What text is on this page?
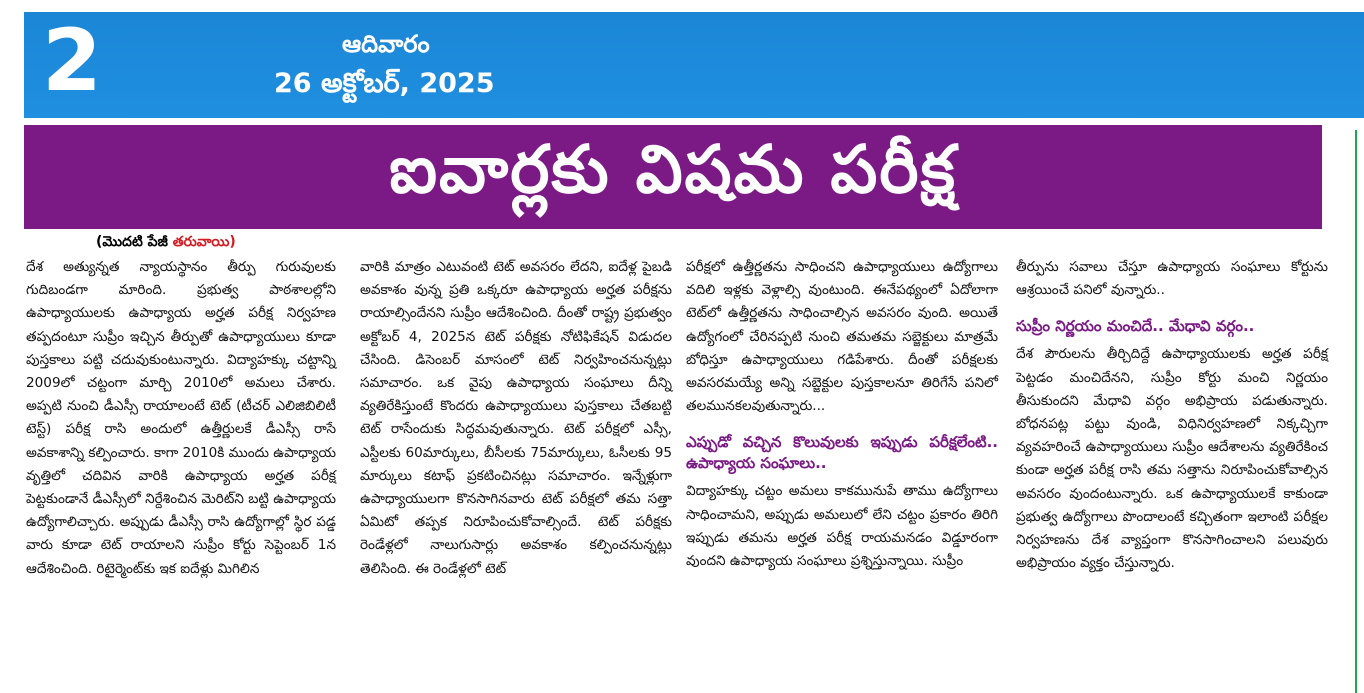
2	ఆదివారం
26 అక్టోబర్, 2025
ఐవార్లకు విషమ పరీక్ష
(మొదటి పేజీ తరువాయి)

దేశ అత్యున్నత న్యాయస్థానం తీర్పు గురువులకు గుదిబండగా మారింది. ప్రభుత్వ పాఠశాలల్లోని ఉపాధ్యాయులకు ఉపాధ్యాయ అర్హత పరీక్ష నిర్వహణ తప్పదంటూ సుప్రీం ఇచ్చిన తీర్పుతో ఉపాధ్యాయులు కూడా పుస్తకాలు పట్టి చదువుకుంటున్నారు. విద్యాహక్కు చట్టాన్ని 2009లో చట్టంగా మార్చి 2010లో అమలు చేశారు. అప్పటి నుంచి డీఎస్సీ రాయాలంటే టెట్ (టీచర్ ఎలిజిబిలిటీ టెస్ట్) పరీక్ష రాసి అందులో ఉత్తీర్ణులకే డీఎస్సీ రాసే అవకాశాన్ని కల్పించారు. కాగా 2010కి ముందు ఉపాధ్యాయ వృత్తిలో చదివిన వారికి ఉపాధ్యాయ అర్హత పరీక్ష పెట్టకుండానే డీఎస్సీలో నిర్దేశించిన మెరిట్‌ని బట్టి ఉపాధ్యాయ ఉద్యోగాలిచ్చారు. అప్పుడు డీఎస్సీ రాసి ఉద్యోగాల్లో స్థిర పడ్డ వారు కూడా టెట్ రాయాలని సుప్రీం కోర్టు సెప్టెంబర్ 1న ఆదేశించింది. రిటైర్మెంట్‌కు ఇక ఐదేళ్లు మిగిలిన

వారికి మాత్రం ఎటువంటి టెట్ అవసరం లేదని, ఐదేళ్ల పైబడి అవకాశం వున్న ప్రతి ఒక్కరూ ఉపాధ్యాయ అర్హత పరీక్షను రాయాల్సిందేనని సుప్రీం ఆదేశించింది. దీంతో రాష్ట్ర ప్రభుత్వం అక్టోబర్ 4, 2025న టెట్ పరీక్షకు నోటిఫికేషన్ విడుదల చేసింది. డిసెంబర్ మాసంలో టెట్ నిర్వహించనున్నట్లు సమాచారం. ఒక వైపు ఉపాధ్యాయ సంఘాలు దీన్ని వ్యతిరేకిస్తుంటే కొందరు ఉపాధ్యాయులు పుస్తకాలు చేతబట్టి టెట్ రాసేందుకు సిద్ధమవుతున్నారు. టెట్ పరీక్షలో ఎస్సీ, ఎస్టీలకు 60మార్కులు, బీసీలకు 75మార్కులు, ఓసీలకు 95 మార్కులు కటాఫ్ ప్రకటించినట్లు సమాచారం. ఇన్నేళ్లుగా ఉపాధ్యాయులగా కొనసాగినవారు టెట్ పరీక్షలో తమ సత్తా ఏమిటో తప్పక నిరూపించుకోవాల్సిందే. టెట్ పరీక్షకు రెండేళ్లలో నాలుగుసార్లు అవకాశం కల్పించనున్నట్లు తెలిసింది. ఈ రెండేళ్లలో టెట్

పరీక్షలో ఉత్తీర్ణతను సాధించని ఉపాధ్యాయులు ఉద్యోగాలు వదిలి ఇళ్లకు వెళ్లాల్సి వుంటుంది. ఈనేపథ్యంలో ఏదోలాగా టెట్‌లో ఉత్తీర్ణతను సాధించాల్సిన అవసరం వుంది. అయితే ఉద్యోగంలో చేరినప్పటి నుంచి తమతమ సబ్జెక్టులు మాత్రమే బోధిస్తూ ఉపాధ్యాయులు గడిపేశారు. దీంతో పరీక్షలకు అవసరమయ్యే అన్ని సబ్జెక్టుల పుస్తకాలనూ తిరిగేసే పనిలో తలమునకలవుతున్నారు...

ఎప్పుడో వచ్చిన కొలువులకు ఇప్పుడు పరీక్షలేంటి.. ఉపాధ్యాయ సంఘాలు..

విద్యాహక్కు చట్టం అమలు కాకమునుపే తాము ఉద్యోగాలు సాధించామని, అప్పుడు అమలులో లేని చట్టం ప్రకారం తిరిగి ఇప్పుడు తమను అర్హత పరీక్ష రాయమనడం విడ్డూరంగా వుందని ఉపాధ్యాయ సంఘాలు ప్రశ్నిస్తున్నాయి. సుప్రీం

తీర్పును సవాలు చేస్తూ ఉపాధ్యాయ సంఘాలు కోర్టును ఆశ్రయించే పనిలో వున్నారు..

సుప్రీం నిర్ణయం మంచిదే.. మేధావి వర్గం..

దేశ పౌరులను తీర్చిదిద్దే ఉపాధ్యాయులకు అర్హత పరీక్ష పెట్టడం మంచిదేనని, సుప్రీం కోర్టు మంచి నిర్ణయం తీసుకుందని మేధావి వర్గం అభిప్రాయ పడుతున్నారు. బోధనపట్ల పట్టు వుండి, విధినిర్వహణలో నిక్కచ్చిగా వ్యవహరించే ఉపాధ్యాయులు సుప్రీం ఆదేశాలను వ్యతిరేకించ కుండా అర్హత పరీక్ష రాసి తమ సత్తాను నిరూపించుకోవాల్సిన అవసరం వుందంటున్నారు. ఒక ఉపాధ్యాయులకే కాకుండా ప్రభుత్వ ఉద్యోగాలు పొందాలంటే కచ్చితంగా ఇలాంటి పరీక్షల నిర్వహణను దేశ వ్యాప్తంగా కొనసాగించాలని పలువురు అభిప్రాయం వ్యక్తం చేస్తున్నారు.
